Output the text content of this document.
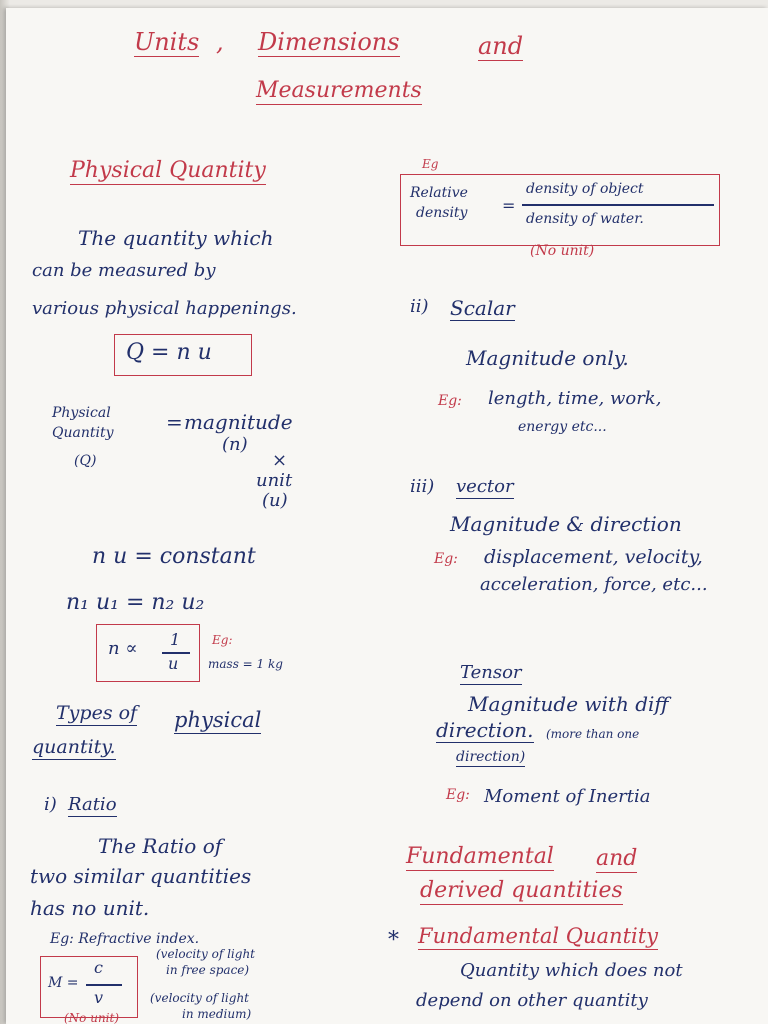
Units , Dimensions	and
Measurements
Physical Quantity
The quantity which
can be measured by
various physical happenings.
Q = n u
Physical
Quantity
(Q)
= magnitude
(n)
×
unit
(u)
n u = constant
n₁ u₁ = n₂ u₂
n ∝ 1
u
Eg:
mass = 1 kg
Types of physical
quantity.
i) Ratio
The Ratio of
two similar quantities
has no unit.
Eg: Refractive index.
M =
c
v
(velocity of light
in free space)
(velocity of light
in medium)
(No unit)
Eg
Relative
density =
density of object
density of water.
(No unit)
ii) Scalar
Magnitude only.
Eg: length, time, work,
energy etc...
iii) vector
Magnitude & direction
Eg: displacement, velocity,
acceleration, force, etc...
Tensor
Magnitude with diff
direction. (more than one
direction)
Eg: Moment of Inertia
Fundamental and
derived quantities
* Fundamental Quantity
Quantity which does not
depend on other quantity
